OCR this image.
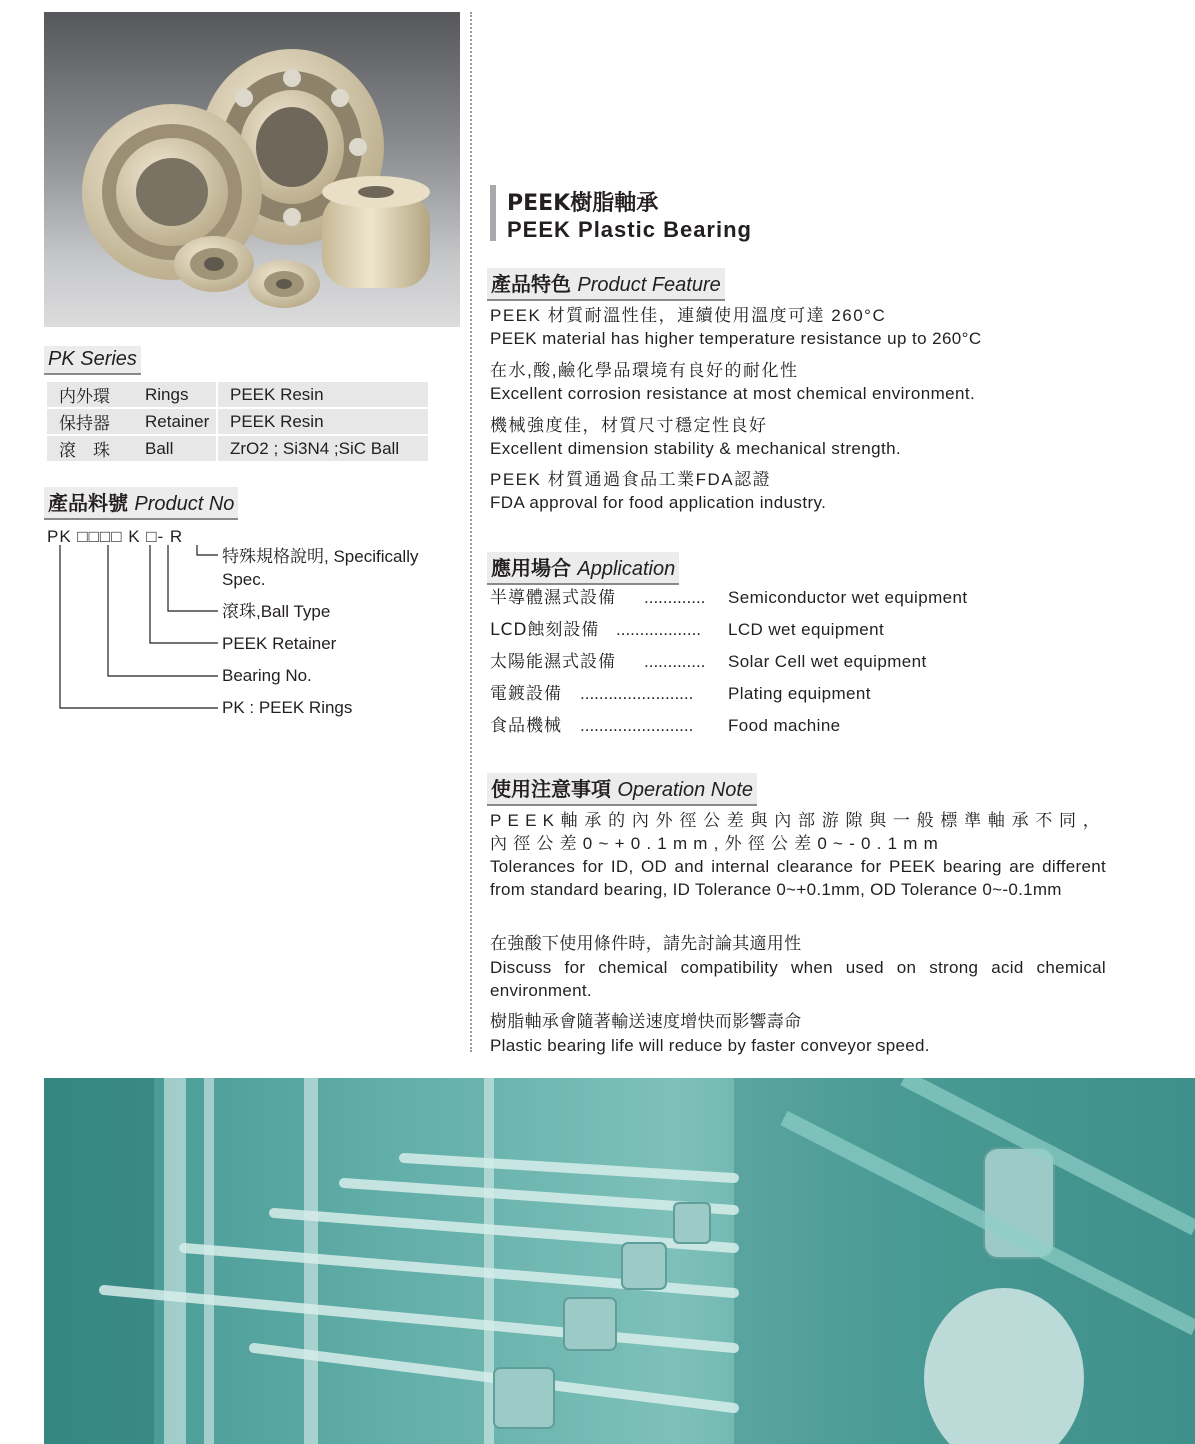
PK Series
内外環	Rings	PEEK Resin
保持器	Retainer	PEEK Resin
滾　珠	Ball	ZrO2 ; Si3N4 ;SiC Ball
產品料號 Product No
PK □□□□ K □- R
特殊規格說明, Specifically
Spec.
滾珠,Ball Type
PEEK Retainer
Bearing No.
PK : PEEK Rings
PEEK樹脂軸承
PEEK Plastic Bearing
產品特色 Product Feature
PEEK 材質耐溫性佳，連續使用溫度可達 260°C
PEEK material has higher temperature resistance up to 260°C
在水,酸,鹼化學品環境有良好的耐化性
Excellent corrosion resistance at most chemical environment.
機械強度佳，材質尺寸穩定性良好
Excellent dimension stability & mechanical strength.
PEEK 材質通過食品工業FDA認證
FDA approval for food application industry.
應用場合 Application
半導體濕式設備 ............. Semiconductor wet equipment
LCD蝕刻設備 .................. LCD wet equipment
太陽能濕式設備 ............. Solar Cell wet equipment
電鍍設備 ........................ Plating equipment
食品機械 ........................ Food machine
使用注意事項 Operation Note
PEEK軸承的內外徑公差與內部游隙與一般標準軸承不同，內徑公差0~+0.1mm,外徑公差0~-0.1mm
Tolerances for ID, OD and internal clearance for PEEK bearing are different from standard bearing, ID Tolerance 0~+0.1mm, OD Tolerance 0~-0.1mm
在強酸下使用條件時，請先討論其適用性
Discuss for chemical compatibility when used on strong acid chemical environment.
樹脂軸承會隨著輸送速度增快而影響壽命
Plastic bearing life will reduce by faster conveyor speed.
